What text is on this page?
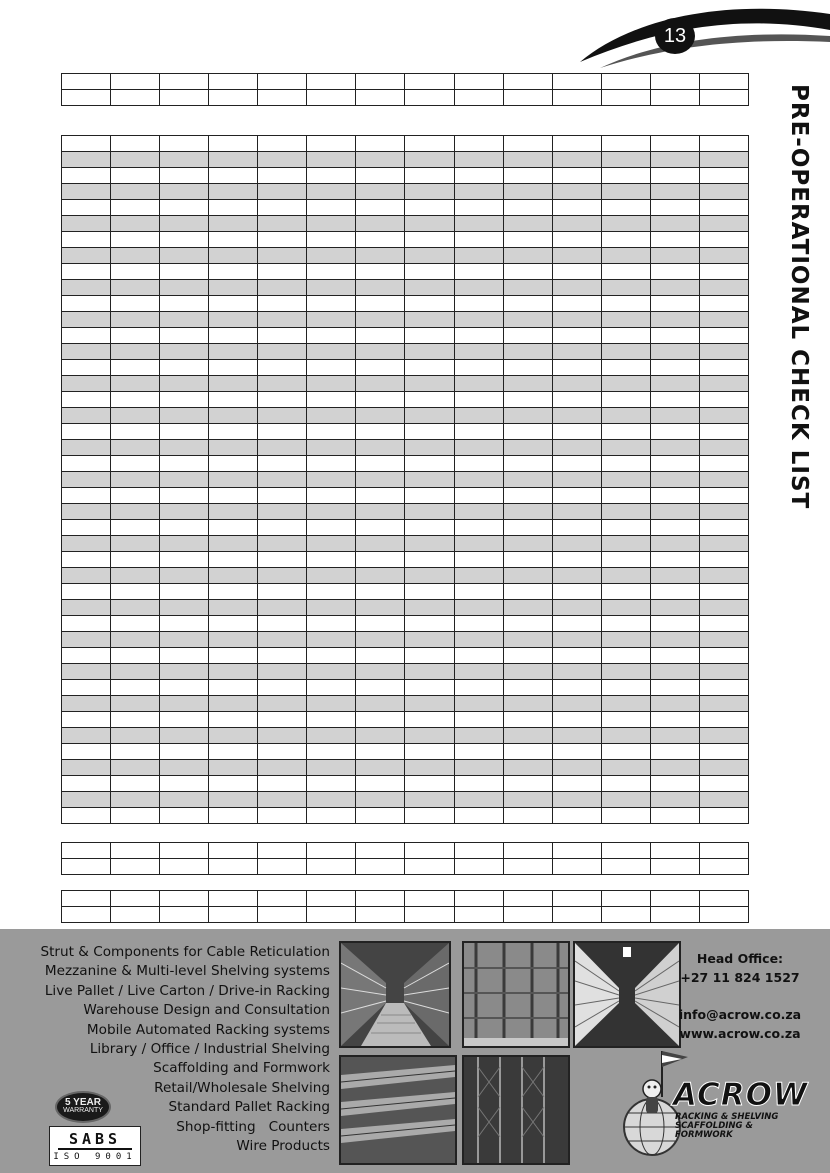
13
PRE-OPERATIONAL CHECK LIST

Strut & Components for Cable Reticulation
Mezzanine & Multi-level Shelving systems
Live Pallet / Live Carton / Drive-in Racking
Warehouse Design and Consultation
Mobile Automated Racking systems
Library / Office / Industrial Shelving
Scaffolding and Formwork
Retail/Wholesale Shelving
Standard Pallet Racking
Shop-fitting   Counters
Wire Products
Head Office:
+27 11 824 1527
info@acrow.co.za
www.acrow.co.za
5 YEAR
WARRANTY
SABS
ISO 9001
ACROW
RACKING & SHELVING
SCAFFOLDING & FORMWORK
